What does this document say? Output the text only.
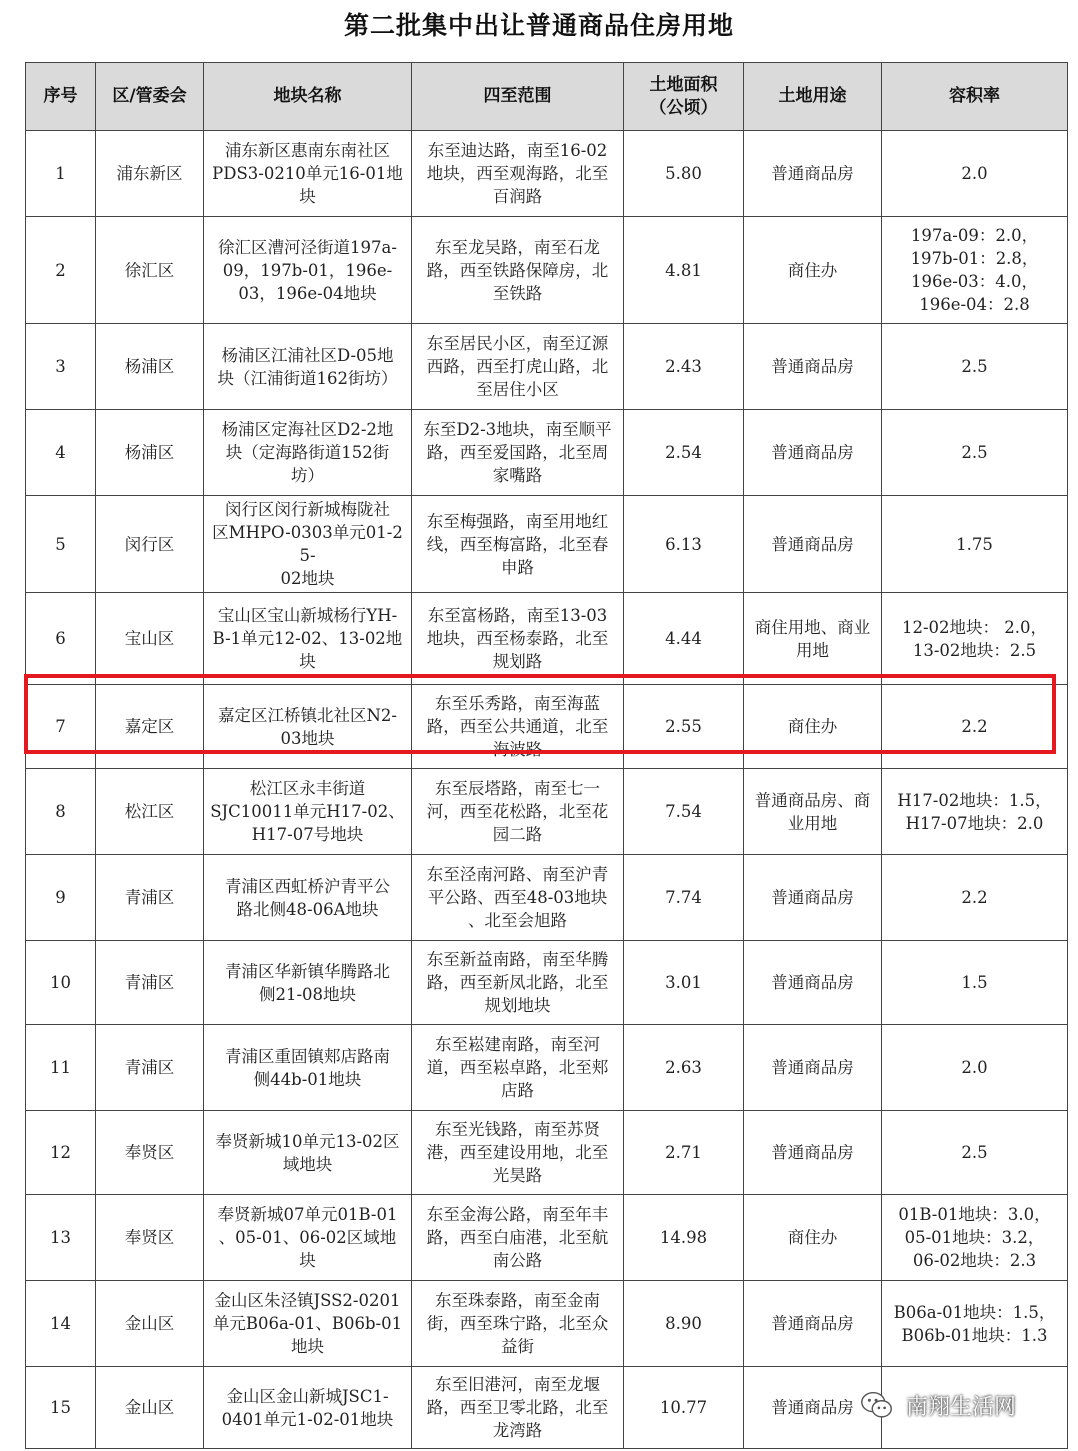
第二批集中出让普通商品住房用地
序号	区/管委会	地块名称	四至范围	土地面积
（公顷）	土地用途	容积率
1	浦东新区	浦东新区惠南东南社区
PDS3-0210单元16-01地
块	东至迪达路，南至16-02
地块，西至观海路，北至
百润路	5.80	普通商品房	2.0
2	徐汇区	徐汇区漕河泾街道197a-
09，197b-01，196e-
03，196e-04地块	东至龙吴路，南至石龙
路，西至铁路保障房，北
至铁路	4.81	商住办	197a-09：2.0，
197b-01：2.8，
196e-03：4.0，
196e-04：2.8
3	杨浦区	杨浦区江浦社区D-05地
块（江浦街道162街坊）	东至居民小区，南至辽源
西路，西至打虎山路，北
至居住小区	2.43	普通商品房	2.5
4	杨浦区	杨浦区定海社区D2-2地
块（定海路街道152街
坊）	东至D2-3地块，南至顺平
路，西至爱国路，北至周
家嘴路	2.54	普通商品房	2.5
5	闵行区	闵行区闵行新城梅陇社
区MHPO-0303单元01-25-
02地块	东至梅强路，南至用地红
线，西至梅富路，北至春
申路	6.13	普通商品房	1.75
6	宝山区	宝山区宝山新城杨行YH-
B-1单元12-02、13-02地
块	东至富杨路，南至13-03
地块，西至杨泰路，北至
规划路	4.44	商住用地、商业
用地	12-02地块： 2.0，
13-02地块：2.5
7	嘉定区	嘉定区江桥镇北社区N2-
03地块	东至乐秀路，南至海蓝
路，西至公共通道，北至
海波路	2.55	商住办	2.2
8	松江区	松江区永丰街道
SJC10011单元H17-02、
H17-07号地块	东至辰塔路，南至七一
河，西至花松路，北至花
园二路	7.54	普通商品房、商
业用地	H17-02地块：1.5，
H17-07地块：2.0
9	青浦区	青浦区西虹桥沪青平公
路北侧48-06A地块	东至泾南河路、南至沪青
平公路、西至48-03地块
、北至会旭路	7.74	普通商品房	2.2
10	青浦区	青浦区华新镇华腾路北
侧21-08地块	东至新益南路，南至华腾
路，西至新凤北路，北至
规划地块	3.01	普通商品房	1.5
11	青浦区	青浦区重固镇郏店路南
侧44b-01地块	东至崧建南路，南至河
道，西至崧卓路，北至郏
店路	2.63	普通商品房	2.0
12	奉贤区	奉贤新城10单元13-02区
域地块	东至光钱路，南至苏贤
港，西至建设用地，北至
光昊路	2.71	普通商品房	2.5
13	奉贤区	奉贤新城07单元01B-01
、05-01、06-02区域地
块	东至金海公路，南至年丰
路，西至白庙港，北至航
南公路	14.98	商住办	01B-01地块：3.0，
05-01地块：3.2，
06-02地块：2.3
14	金山区	金山区朱泾镇JSS2-0201
单元B06a-01、B06b-01
地块	东至珠泰路，南至金南
街，西至珠宁路，北至众
益街	8.90	普通商品房	B06a-01地块：1.5，
B06b-01地块：1.3
15	金山区	金山区金山新城JSC1-
0401单元1-02-01地块	东至旧港河，南至龙堰
路，西至卫零北路，北至
龙湾路	10.77	普通商品房	南翔生活网
